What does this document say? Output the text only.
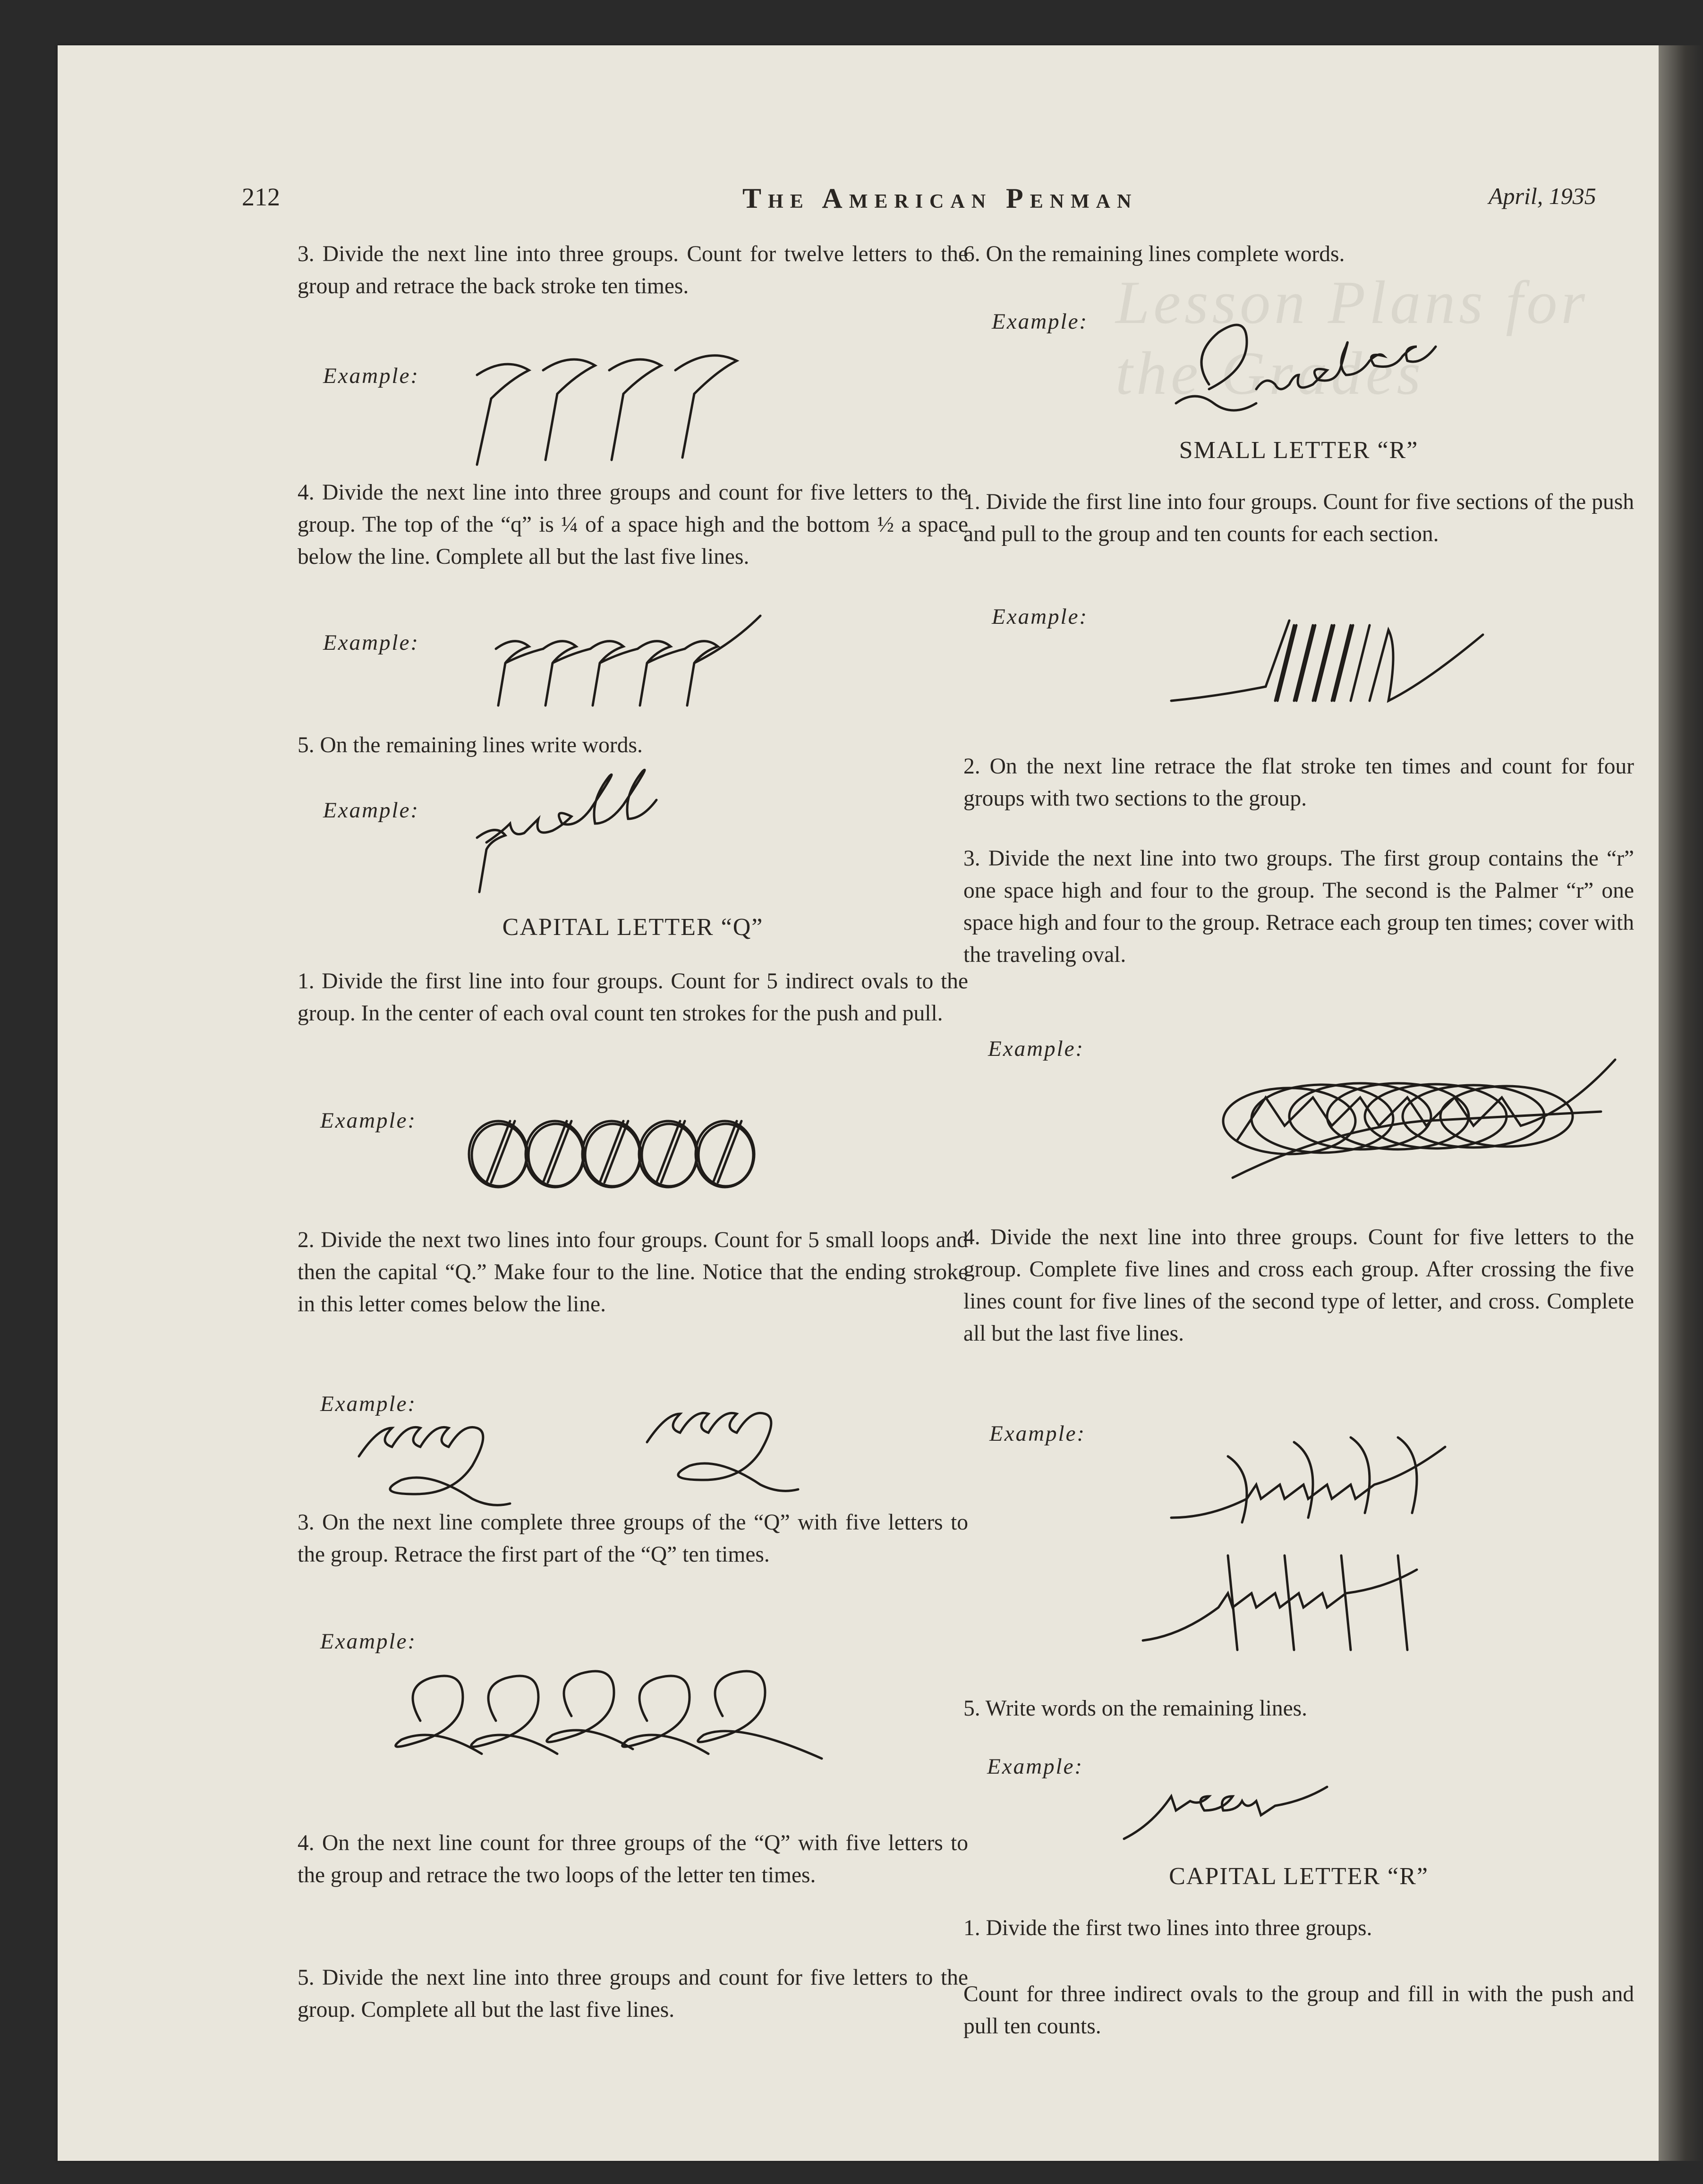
Lesson Plans for the Grades
212	The American Penman	April, 1935

3. Divide the next line into three groups. Count for twelve letters to the group and retrace the back stroke ten times.

Example:

4. Divide the next line into three groups and count for five letters to the group. The top of the “q” is ¼ of a space high and the bottom ½ a space below the line. Complete all but the last five lines.

Example:

5. On the remaining lines write words.

Example:

CAPITAL LETTER “Q”

1. Divide the first line into four groups. Count for 5 indirect ovals to the group. In the center of each oval count ten strokes for the push and pull.

Example:

2. Divide the next two lines into four groups. Count for 5 small loops and then the capital “Q.” Make four to the line. Notice that the ending stroke in this letter comes below the line.

Example:

3. On the next line complete three groups of the “Q” with five letters to the group. Retrace the first part of the “Q” ten times.

Example:

4. On the next line count for three groups of the “Q” with five letters to the group and retrace the two loops of the letter ten times.

5. Divide the next line into three groups and count for five letters to the group. Complete all but the last five lines.

6. On the remaining lines complete words.

Example:

SMALL LETTER “R”

1. Divide the first line into four groups. Count for five sections of the push and pull to the group and ten counts for each section.

Example:

2. On the next line retrace the flat stroke ten times and count for four groups with two sections to the group.

3. Divide the next line into two groups. The first group contains the “r” one space high and four to the group. The second is the Palmer “r” one space high and four to the group. Retrace each group ten times; cover with the traveling oval.

Example:

4. Divide the next line into three groups. Count for five letters to the group. Complete five lines and cross each group. After crossing the five lines count for five lines of the second type of letter, and cross. Complete all but the last five lines.

Example:

5. Write words on the remaining lines.

Example:

CAPITAL LETTER “R”

1. Divide the first two lines into three groups.

Count for three indirect ovals to the group and fill in with the push and pull ten counts.
